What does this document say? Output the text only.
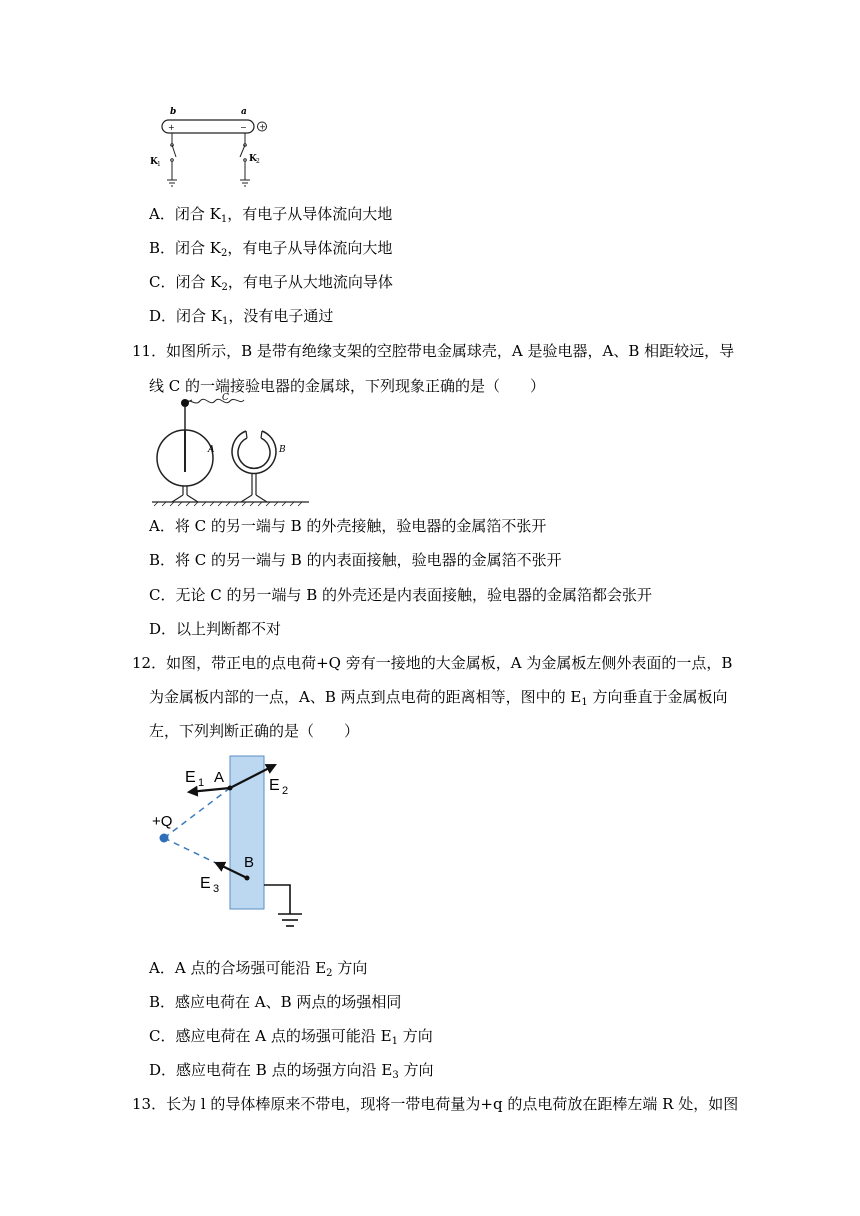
b	a
+	− +
K 1
K 2
A．闭合 $K_1$，有电子从导体流向大地
B．闭合 $K_2$，有电子从导体流向大地
C．闭合 $K_2$，有电子从大地流向导体
D．闭合 $K_1$，没有电子通过
11．如图所示，B 是带有绝缘支架的空腔带电金属球壳，A 是验电器，A、B 相距较远，导
线 C 的一端接验电器的金属球，下列现象正确的是（　　）
C
A	B
A．将 C 的另一端与 B 的外壳接触，验电器的金属箔不张开
B．将 C 的另一端与 B 的内表面接触，验电器的金属箔不张开
C．无论 C 的另一端与 B 的外壳还是内表面接触，验电器的金属箔都会张开
D．以上判断都不对
12．如图，带正电的点电荷+Q 旁有一接地的大金属板，A 为金属板左侧外表面的一点，B
为金属板内部的一点，A、B 两点到点电荷的距离相等，图中的 $E_1$ 方向垂直于金属板向
左，下列判断正确的是（　　）
+Q
A
E 1	E 2
B
E 3
A．A 点的合场强可能沿 $E_2$ 方向
B．感应电荷在 A、B 两点的场强相同
C．感应电荷在 A 点的场强可能沿 $E_1$ 方向
D．感应电荷在 B 点的场强方向沿 $E_3$ 方向
13．长为 l 的导体棒原来不带电，现将一带电荷量为+q 的点电荷放在距棒左端 R 处，如图
